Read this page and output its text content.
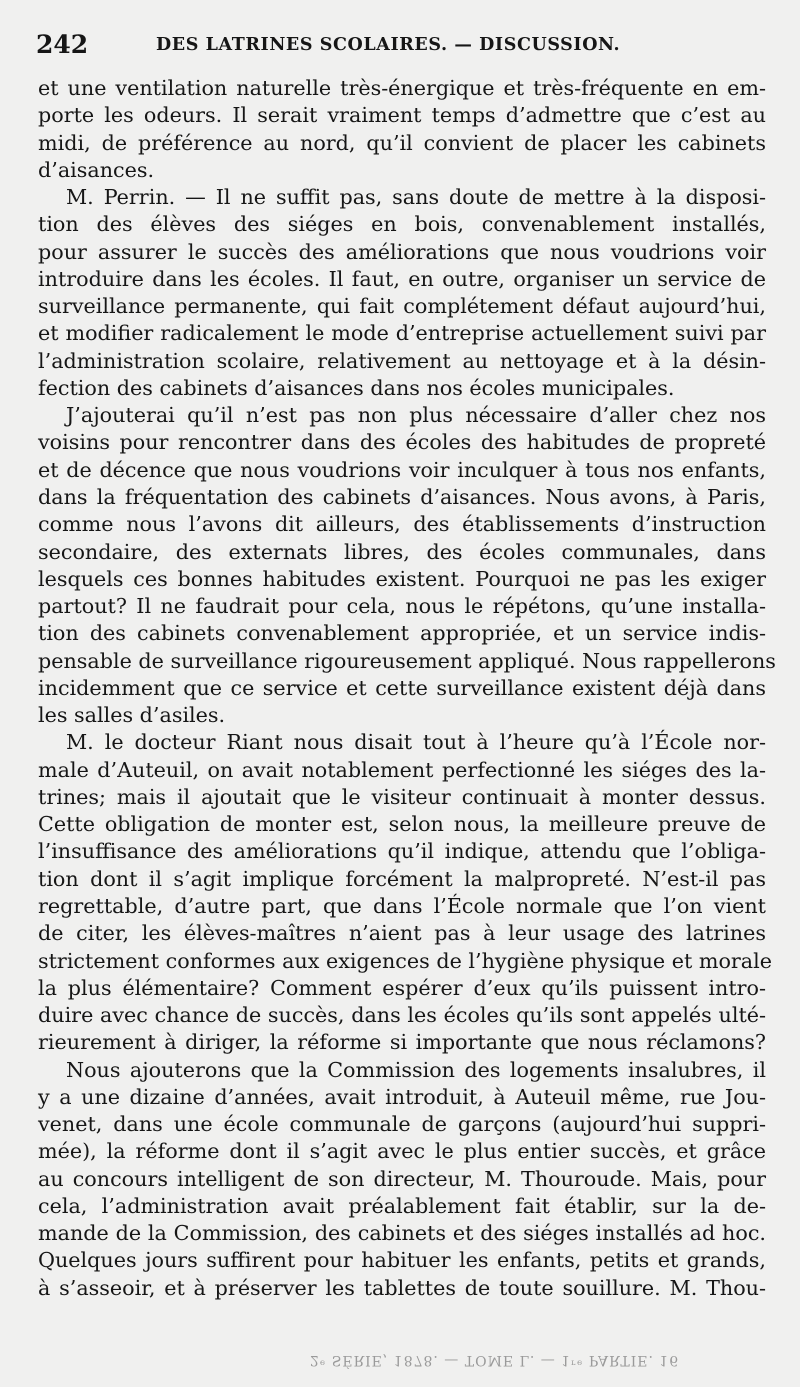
242	DES LATRINES SCOLAIRES. — DISCUSSION.
et une ventilation naturelle très-énergique et très-fréquente en em-
porte les odeurs. Il serait vraiment temps d’admettre que c’est au
midi, de préférence au nord, qu’il convient de placer les cabinets
d’aisances.
M. Perrin. — Il ne suffit pas, sans doute de mettre à la disposi-
tion des élèves des siéges en bois, convenablement installés,
pour assurer le succès des améliorations que nous voudrions voir
introduire dans les écoles. Il faut, en outre, organiser un service de
surveillance permanente, qui fait complétement défaut aujourd’hui,
et modifier radicalement le mode d’entreprise actuellement suivi par
l’administration scolaire, relativement au nettoyage et à la désin-
fection des cabinets d’aisances dans nos écoles municipales.
J’ajouterai qu’il n’est pas non plus nécessaire d’aller chez nos
voisins pour rencontrer dans des écoles des habitudes de propreté
et de décence que nous voudrions voir inculquer à tous nos enfants,
dans la fréquentation des cabinets d’aisances. Nous avons, à Paris,
comme nous l’avons dit ailleurs, des établissements d’instruction
secondaire, des externats libres, des écoles communales, dans
lesquels ces bonnes habitudes existent. Pourquoi ne pas les exiger
partout? Il ne faudrait pour cela, nous le répétons, qu’une installa-
tion des cabinets convenablement appropriée, et un service indis-
pensable de surveillance rigoureusement appliqué. Nous rappellerons
incidemment que ce service et cette surveillance existent déjà dans
les salles d’asiles.
M. le docteur Riant nous disait tout à l’heure qu’à l’École nor-
male d’Auteuil, on avait notablement perfectionné les siéges des la-
trines; mais il ajoutait que le visiteur continuait à monter dessus.
Cette obligation de monter est, selon nous, la meilleure preuve de
l’insuffisance des améliorations qu’il indique, attendu que l’obliga-
tion dont il s’agit implique forcément la malpropreté. N’est-il pas
regrettable, d’autre part, que dans l’École normale que l’on vient
de citer, les élèves-maîtres n’aient pas à leur usage des latrines
strictement conformes aux exigences de l’hygiène physique et morale
la plus élémentaire? Comment espérer d’eux qu’ils puissent intro-
duire avec chance de succès, dans les écoles qu’ils sont appelés ulté-
rieurement à diriger, la réforme si importante que nous réclamons?
Nous ajouterons que la Commission des logements insalubres, il
y a une dizaine d’années, avait introduit, à Auteuil même, rue Jou-
venet, dans une école communale de garçons (aujourd’hui suppri-
mée), la réforme dont il s’agit avec le plus entier succès, et grâce
au concours intelligent de son directeur, M. Thouroude. Mais, pour
cela, l’administration avait préalablement fait établir, sur la de-
mande de la Commission, des cabinets et des siéges installés ad hoc.
Quelques jours suffirent pour habituer les enfants, petits et grands,
à s’asseoir, et à préserver les tablettes de toute souillure. M. Thou-
2ᵉ SÉRIE, 1878. — TOME L. — 1ʳᵉ PARTIE. 16
